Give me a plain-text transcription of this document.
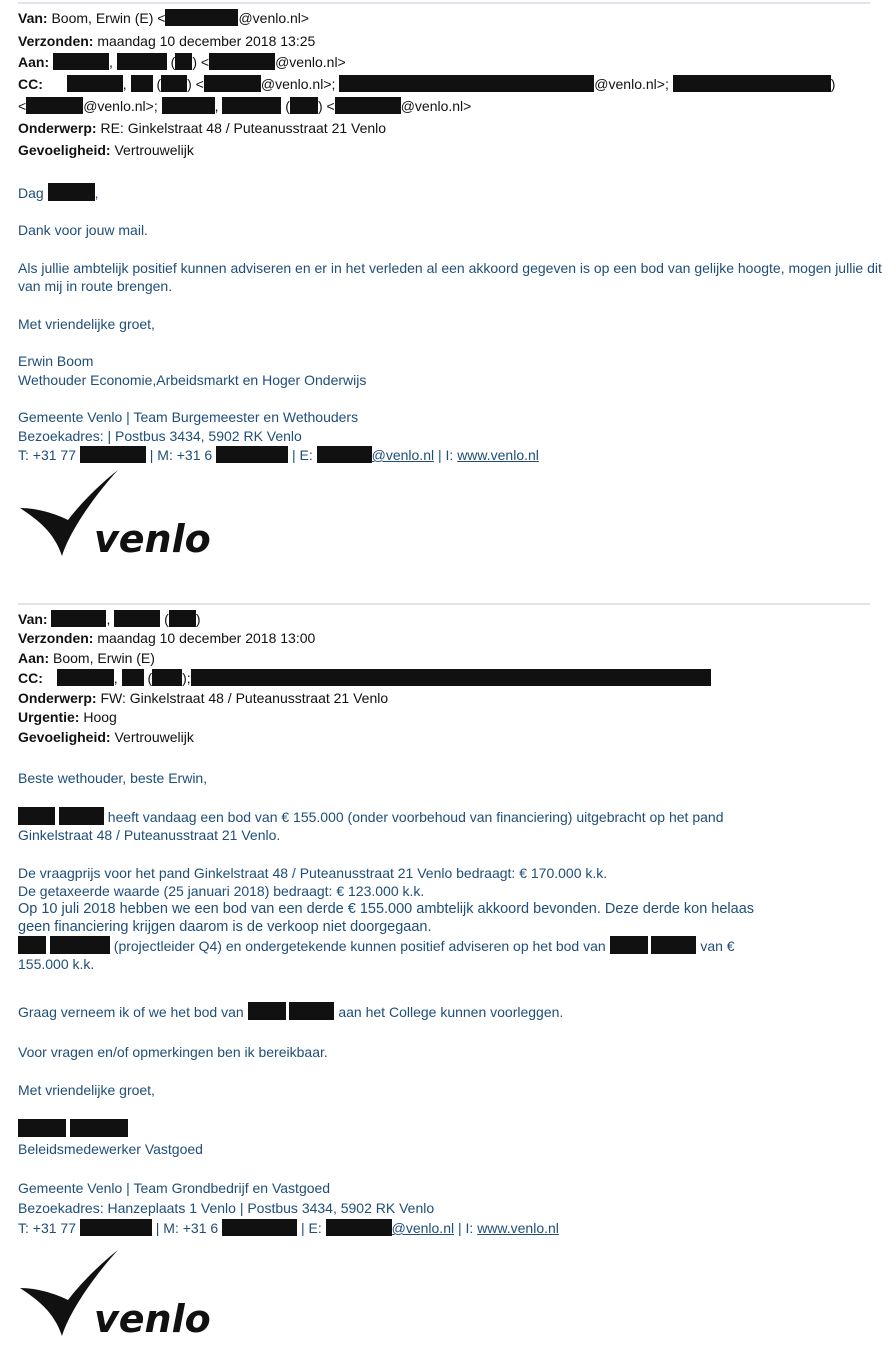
Van: Boom, Erwin (E) <	@venlo.nl>
Verzonden: maandag 10 december 2018 13:25
Aan:	,	( ) <	@venlo.nl>
CC:	,  ( ) <	@venlo.nl>;	@venlo.nl>;	)
<	@venlo.nl>;	,	( ) <	@venlo.nl>
Onderwerp: RE: Ginkelstraat 48 / Puteanusstraat 21 Venlo
Gevoeligheid: Vertrouwelijk
Dag	,

Dank voor jouw mail.

Als jullie ambtelijk positief kunnen adviseren en er in het verleden al een akkoord gegeven is op een bod van gelijke hoogte, mogen jullie dit van mij in route brengen.

Met vriendelijke groet,

Erwin Boom

Wethouder Economie,Arbeidsmarkt en Hoger Onderwijs

Gemeente Venlo | Team Burgemeester en Wethouders

Bezoekadres: | Postbus 3434, 5902 RK Venlo

T: +31 77	| M: +31 6	| E:	@venlo.nl | I: www.venlo.nl
venlo
Van:	,	( )
Verzonden: maandag 10 december 2018 13:00
Aan: Boom, Erwin (E)
CC:	,  ( );
Onderwerp: FW: Ginkelstraat 48 / Puteanusstraat 21 Venlo
Urgentie: Hoog
Gevoeligheid: Vertrouwelijk

Beste wethouder, beste Erwin,

heeft vandaag een bod van € 155.000 (onder voorbehoud van financiering) uitgebracht op het pand

Ginkelstraat 48 / Puteanusstraat 21 Venlo.

De vraagprijs voor het pand Ginkelstraat 48 / Puteanusstraat 21 Venlo bedraagt: € 170.000 k.k.

De getaxeerde waarde (25 januari 2018) bedraagt: € 123.000 k.k.

Op 10 juli 2018 hebben we een bod van een derde € 155.000 ambtelijk akkoord bevonden. Deze derde kon helaas

geen financiering krijgen daarom is de verkoop niet doorgegaan.

(projectleider Q4) en ondergetekende kunnen positief adviseren op het bod van	van €

155.000 k.k.

Graag verneem ik of we het bod van	aan het College kunnen voorleggen.

Voor vragen en/of opmerkingen ben ik bereikbaar.

Met vriendelijke groet,

Beleidsmedewerker Vastgoed

Gemeente Venlo | Team Grondbedrijf en Vastgoed

Bezoekadres: Hanzeplaats 1 Venlo | Postbus 3434, 5902 RK Venlo

T: +31 77	| M: +31 6	| E:	@venlo.nl | I: www.venlo.nl
venlo
